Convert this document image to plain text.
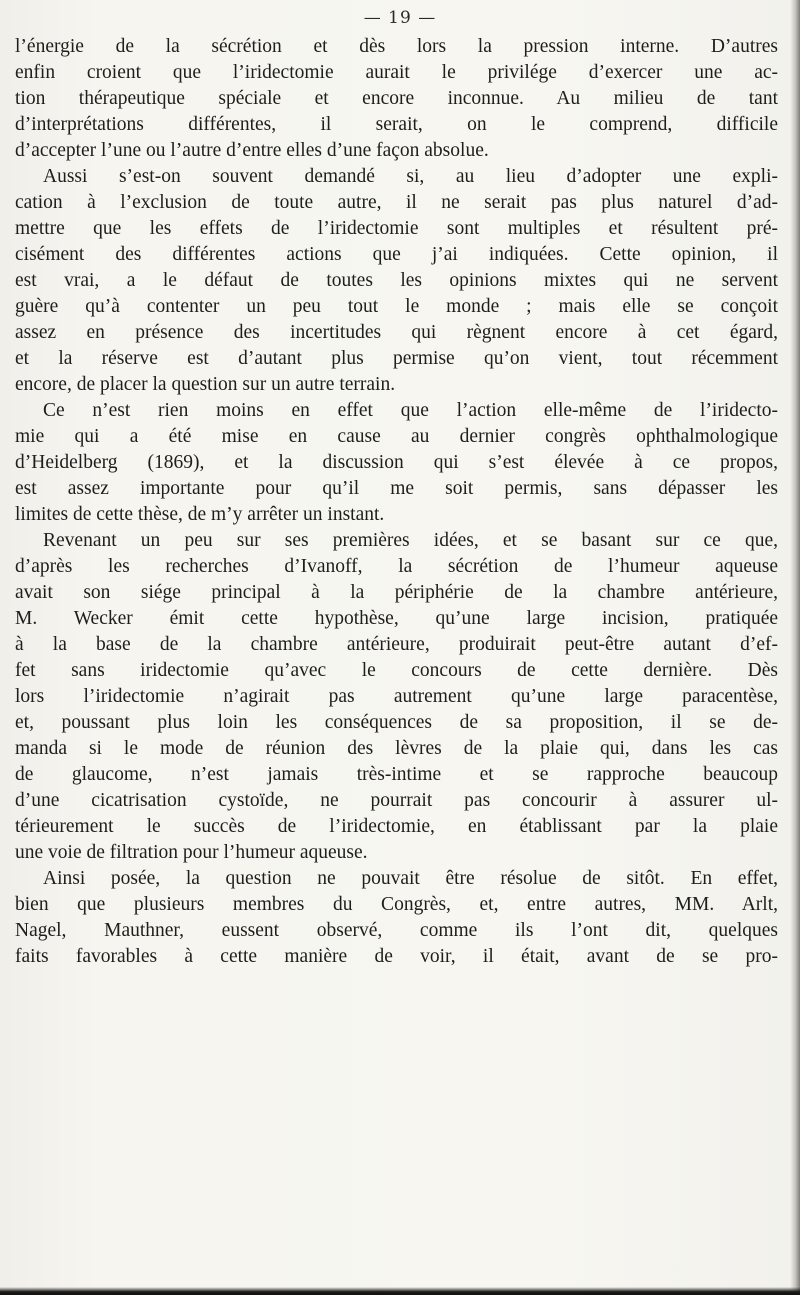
— 19 —
l’énergie de la sécrétion et dès lors la pression interne. D’autres
enfin croient que l’iridectomie aurait le privilége d’exercer une ac-
tion thérapeutique spéciale et encore inconnue. Au milieu de tant
d’interprétations différentes, il serait, on le comprend, difficile
d’accepter l’une ou l’autre d’entre elles d’une façon absolue.
Aussi s’est-on souvent demandé si, au lieu d’adopter une expli-
cation à l’exclusion de toute autre, il ne serait pas plus naturel d’ad-
mettre que les effets de l’iridectomie sont multiples et résultent pré-
cisément des différentes actions que j’ai indiquées. Cette opinion, il
est vrai, a le défaut de toutes les opinions mixtes qui ne servent
guère qu’à contenter un peu tout le monde ; mais elle se conçoit
assez en présence des incertitudes qui règnent encore à cet égard,
et la réserve est d’autant plus permise qu’on vient, tout récemment
encore, de placer la question sur un autre terrain.
Ce n’est rien moins en effet que l’action elle-même de l’iridecto-
mie qui a été mise en cause au dernier congrès ophthalmologique
d’Heidelberg (1869), et la discussion qui s’est élevée à ce propos,
est assez importante pour qu’il me soit permis, sans dépasser les
limites de cette thèse, de m’y arrêter un instant.
Revenant un peu sur ses premières idées, et se basant sur ce que,
d’après les recherches d’Ivanoff, la sécrétion de l’humeur aqueuse
avait son siége principal à la périphérie de la chambre antérieure,
M. Wecker émit cette hypothèse, qu’une large incision, pratiquée
à la base de la chambre antérieure, produirait peut-être autant d’ef-
fet sans iridectomie qu’avec le concours de cette dernière. Dès
lors l’iridectomie n’agirait pas autrement qu’une large paracentèse,
et, poussant plus loin les conséquences de sa proposition, il se de-
manda si le mode de réunion des lèvres de la plaie qui, dans les cas
de glaucome, n’est jamais très-intime et se rapproche beaucoup
d’une cicatrisation cystoïde, ne pourrait pas concourir à assurer ul-
térieurement le succès de l’iridectomie, en établissant par la plaie
une voie de filtration pour l’humeur aqueuse.
Ainsi posée, la question ne pouvait être résolue de sitôt. En effet,
bien que plusieurs membres du Congrès, et, entre autres, MM. Arlt,
Nagel, Mauthner, eussent observé, comme ils l’ont dit, quelques
faits favorables à cette manière de voir, il était, avant de se pro-
